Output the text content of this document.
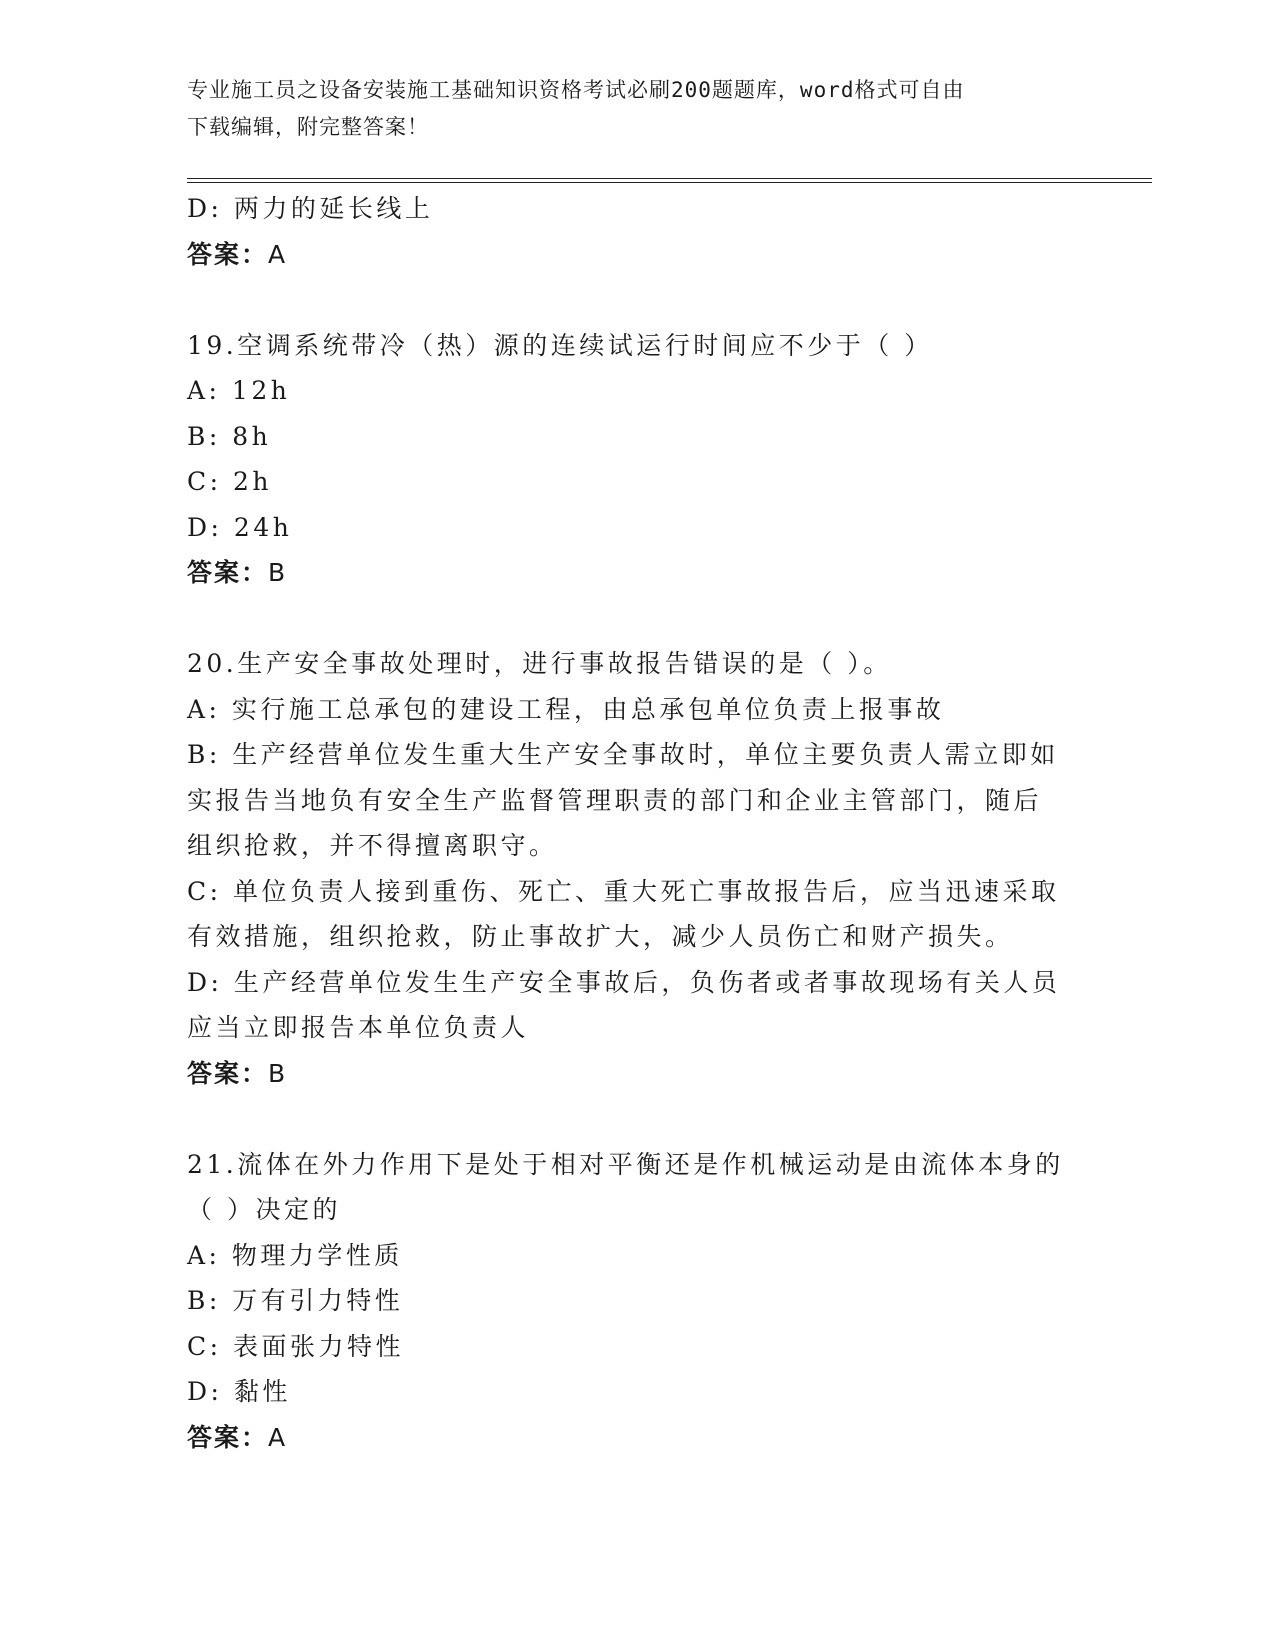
专业施工员之设备安装施工基础知识资格考试必刷200题题库，word格式可自由
下载编辑，附完整答案！
D: 两力的延长线上
答案：A
19.空调系统带冷（热）源的连续试运行时间应不少于（ ）
A: 12h
B: 8h
C: 2h
D: 24h
答案：B
20.生产安全事故处理时，进行事故报告错误的是（ ）。
A: 实行施工总承包的建设工程，由总承包单位负责上报事故
B: 生产经营单位发生重大生产安全事故时，单位主要负责人需立即如
实报告当地负有安全生产监督管理职责的部门和企业主管部门，随后
组织抢救，并不得擅离职守。
C: 单位负责人接到重伤、死亡、重大死亡事故报告后，应当迅速采取
有效措施，组织抢救，防止事故扩大，减少人员伤亡和财产损失。
D: 生产经营单位发生生产安全事故后，负伤者或者事故现场有关人员
应当立即报告本单位负责人
答案：B
21.流体在外力作用下是处于相对平衡还是作机械运动是由流体本身的
（ ）决定的
A: 物理力学性质
B: 万有引力特性
C: 表面张力特性
D: 黏性
答案：A
